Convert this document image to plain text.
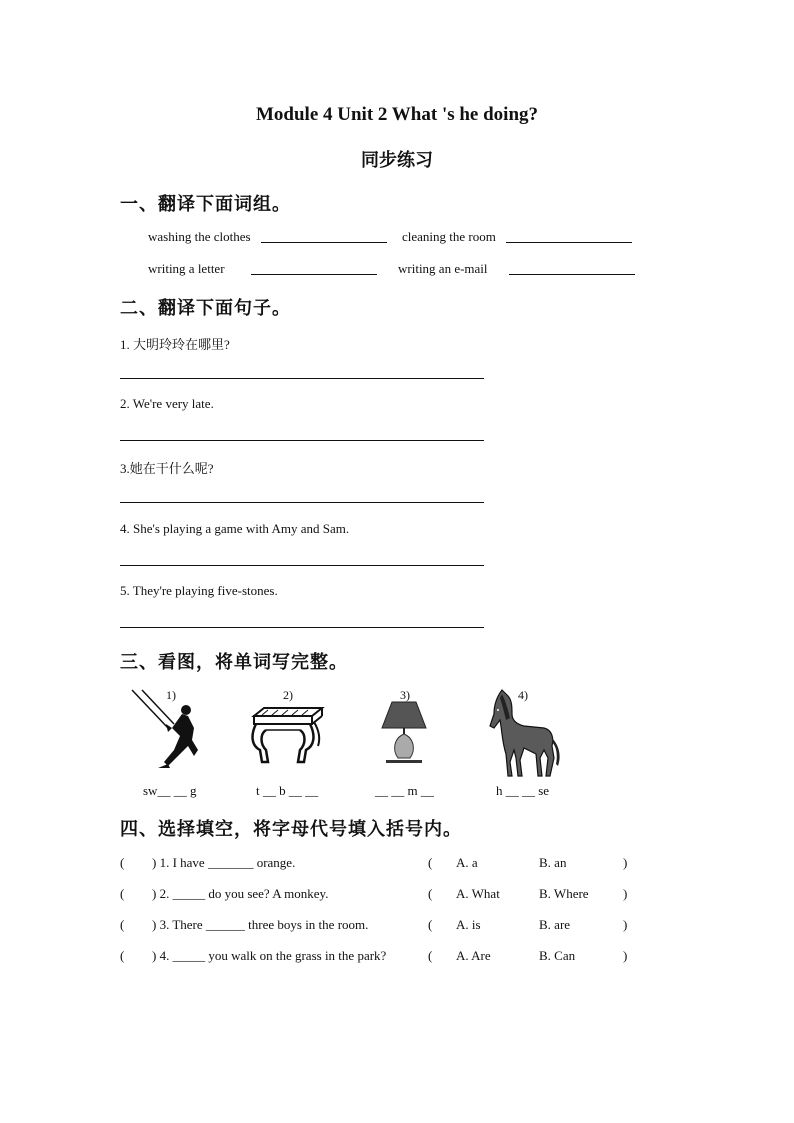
Module 4 Unit 2 What 's he doing?
同步练习
一、翻译下面词组。
washing the clothes	cleaning the room
writing a letter	writing an e-mail
二、翻译下面句子。
1. 大明玲玲在哪里?
2. We're very late.
3.她在干什么呢?
4. She's playing a game with Amy and Sam.
5. They're playing five-stones.
三、看图，将单词写完整。
1)	2)	3)	4)
sw__ __ g	t __ b __ __	__ __ m __	h __ __ se
四、选择填空，将字母代号填入括号内。
( ) 1. I have _______ orange.	( A. a	B. an	)
( ) 2. _____ do you see? A monkey.	( A. What	B. Where	)
( ) 3. There ______ three boys in the room.	( A. is	B. are	)
( ) 4. _____ you walk on the grass in the park?	( A. Are	B. Can	)
